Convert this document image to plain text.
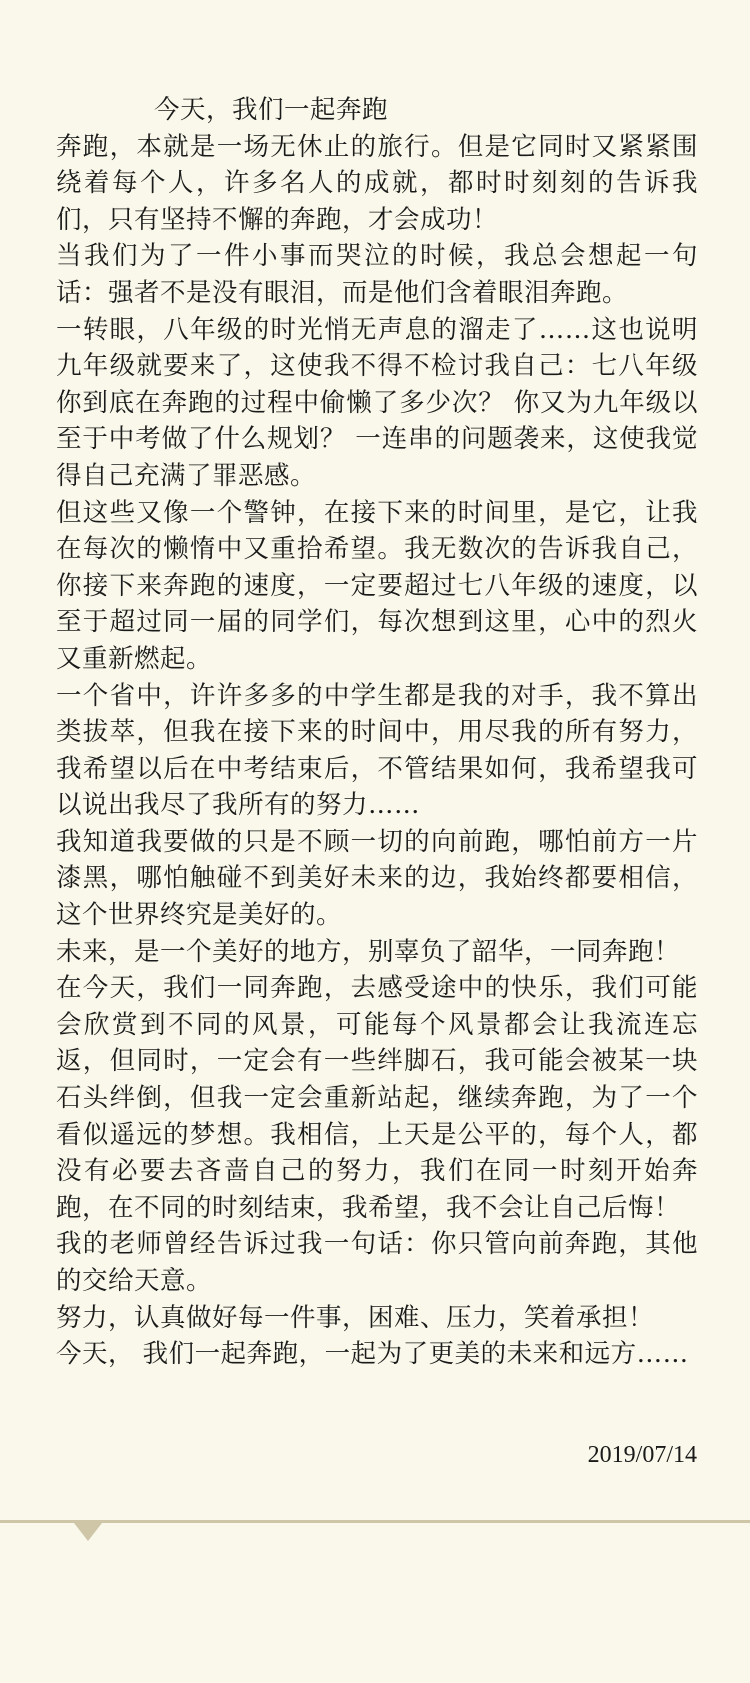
今天，我们一起奔跑

奔跑，本就是一场无休止的旅行。但是它同时又紧紧围绕着每个人，许多名人的成就，都时时刻刻的告诉我们，只有坚持不懈的奔跑，才会成功！

当我们为了一件小事而哭泣的时候，我总会想起一句话：强者不是没有眼泪，而是他们含着眼泪奔跑。

一转眼，八年级的时光悄无声息的溜走了……这也说明九年级就要来了，这使我不得不检讨我自己：七八年级你到底在奔跑的过程中偷懒了多少次？ 你又为九年级以至于中考做了什么规划？ 一连串的问题袭来，这使我觉得自己充满了罪恶感。

但这些又像一个警钟，在接下来的时间里，是它，让我在每次的懒惰中又重拾希望。我无数次的告诉我自己，你接下来奔跑的速度，一定要超过七八年级的速度，以至于超过同一届的同学们，每次想到这里，心中的烈火又重新燃起。

一个省中，许许多多的中学生都是我的对手，我不算出类拔萃，但我在接下来的时间中，用尽我的所有努力，我希望以后在中考结束后，不管结果如何，我希望我可以说出我尽了我所有的努力……

我知道我要做的只是不顾一切的向前跑，哪怕前方一片漆黑，哪怕触碰不到美好未来的边，我始终都要相信，这个世界终究是美好的。

未来，是一个美好的地方，别辜负了韶华，一同奔跑！

在今天，我们一同奔跑，去感受途中的快乐，我们可能会欣赏到不同的风景，可能每个风景都会让我流连忘返，但同时，一定会有一些绊脚石，我可能会被某一块石头绊倒，但我一定会重新站起，继续奔跑，为了一个看似遥远的梦想。我相信，上天是公平的，每个人，都没有必要去吝啬自己的努力，我们在同一时刻开始奔跑，在不同的时刻结束，我希望，我不会让自己后悔！

我的老师曾经告诉过我一句话：你只管向前奔跑，其他的交给天意。

努力，认真做好每一件事，困难、压力，笑着承担！

今天， 我们一起奔跑，一起为了更美的未来和远方……

2019/07/14
